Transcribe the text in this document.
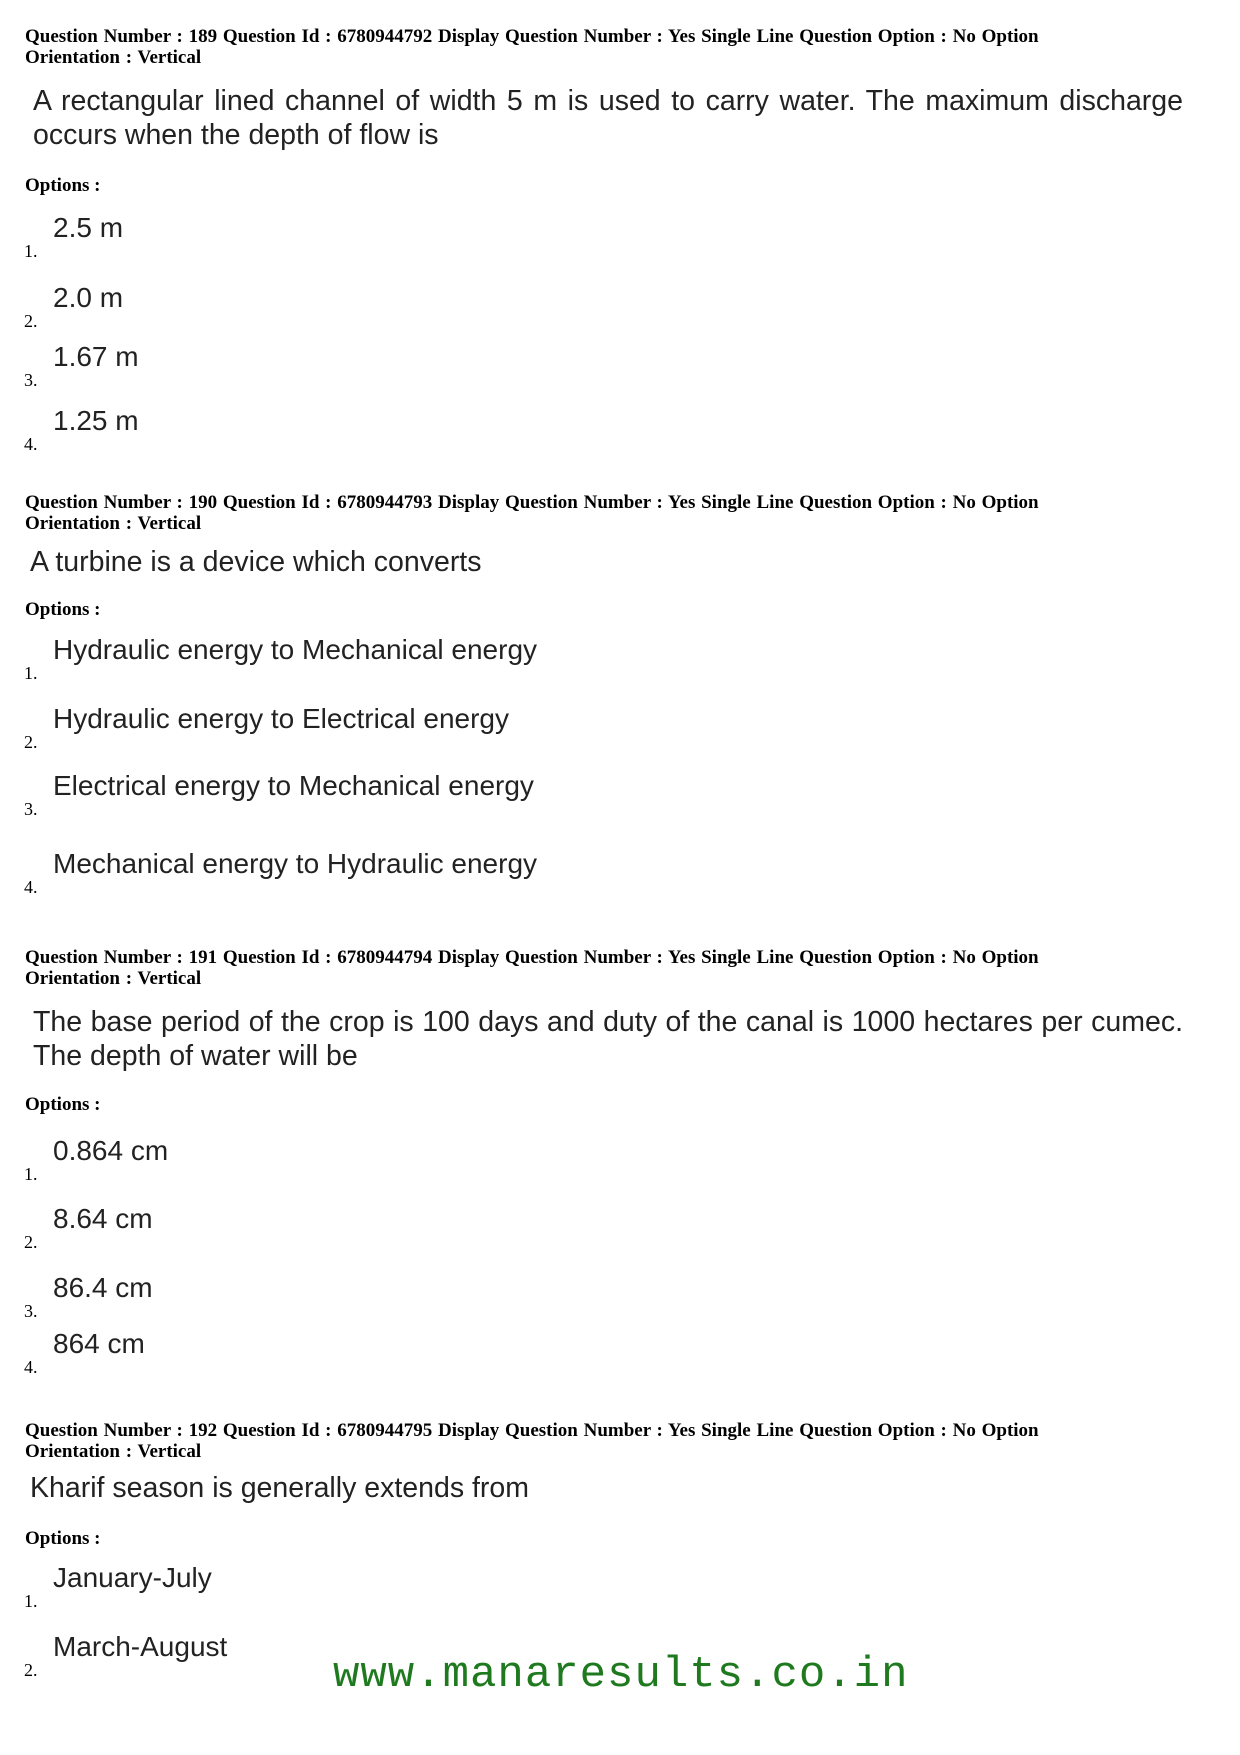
Question Number : 189 Question Id : 6780944792 Display Question Number : Yes Single Line Question Option : No Option
Orientation : Vertical
A rectangular lined channel of width 5 m is used to carry water. The maximum discharge occurs when the depth of flow is
Options :
1.
2.5 m
2.
2.0 m
3.
1.67 m
4.
1.25 m
Question Number : 190 Question Id : 6780944793 Display Question Number : Yes Single Line Question Option : No Option
Orientation : Vertical
A turbine is a device which converts
Options :
1.
Hydraulic energy to Mechanical energy
2.
Hydraulic energy to Electrical energy
3.
Electrical energy to Mechanical energy
4.
Mechanical energy to Hydraulic energy
Question Number : 191 Question Id : 6780944794 Display Question Number : Yes Single Line Question Option : No Option
Orientation : Vertical
The base period of the crop is 100 days and duty of the canal is 1000 hectares per cumec. The depth of water will be
Options :
1.
0.864 cm
2.
8.64 cm
3.
86.4 cm
4.
864 cm
Question Number : 192 Question Id : 6780944795 Display Question Number : Yes Single Line Question Option : No Option
Orientation : Vertical
Kharif season is generally extends from
Options :
1.
January-July
2.
March-August
www.manaresults.co.in
